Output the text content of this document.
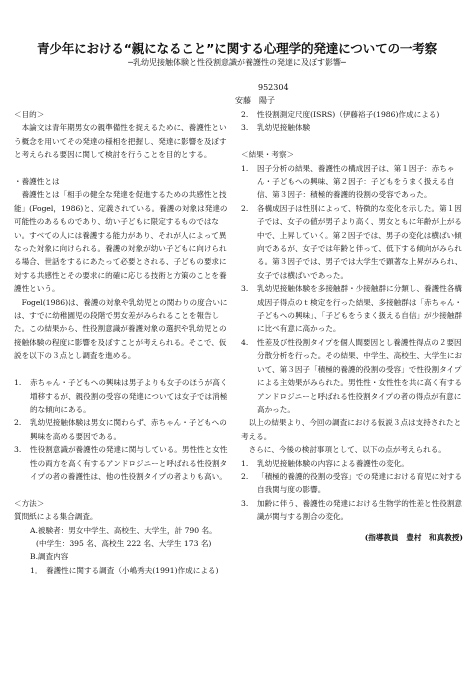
青少年における“親になること”に関する心理学的発達についての一考察
─乳幼児接触体験と性役割意識が養護性の発達に及ぼす影響─
952304
安藤　陽子

＜目的＞

本論文は青年期男女の親準備性を捉えるために、養護性という概念を用いてその発達の様相を把握し、発達に影響を及ぼすと考えられる要因に関して検討を行うことを目的とする。

・養護性とは

養護性とは「相手の健全な発達を促進するための共感性と技能」(Fogel，1986)と、定義されている。養護の対象は発達の可能性のあるものであり、幼い子どもに限定するものではない。すべての人には養護する能力があり、それが人によって異なった対象に向けられる。養護の対象が幼い子どもに向けられる場合、世話をするにあたって必要とされる、子どもの要求に対する共感性とその要求に的確に応じる技術と方策のことを養護性という。

Fogel(1986)は、養護の対象や乳幼児との関わりの度合いには、すでに幼稚園児の段階で男女差がみられることを報告した。この結果から、性役割意識が養護対象の選択や乳幼児との接触体験の程度に影響を及ぼすことが考えられる。そこで、仮説を以下の３点とし調査を進める。

1.	赤ちゃん・子どもへの興味は男子よりも女子のほうが高く増移するが、親役割の受容の発達については女子では消極的な傾向にある。
2.	乳幼児接触体験は男女に関わらず、赤ちゃん・子どもへの興味を高める要因である。
3.	性役割意識が養護性の発達に関与している。男性性と女性性の両方を高く有するアンドロジニーと呼ばれる性役割タイプの者の養護性は、他の性役割タイプの者よりも高い。

＜方法＞

質問紙による集合調査。

A.被験者：男女中学生、高校生、大学生，計 790 名。

(中学生：395 名、高校生 222 名、大学生 173 名)

B.調査内容

1． 養護性に関する調査（小嶋秀夫(1991)作成による)
2.	性役割測定尺度(ISRS)（伊藤裕子(1986)作成による)
3.	乳幼児接触体験

＜結果・考察＞

1.	因子分析の結果、養護性の構成因子は、第１因子：赤ちゃん・子どもへの興味、第２因子：子どもをうまく扱える自信、第３因子：積極的養護的役割の受容であった。
2.	各構成因子は性別によって、特徴的な変化を示した。第１因子では、女子の値が男子より高く、男女ともに年齢が上がる中で、上昇していく。第２因子では、男子の変化は横ばい傾向であるが、女子では年齢と伴って、低下する傾向がみられる。第３因子では、男子では大学生で顕著な上昇がみられ、女子では横ばいであった。
3.	乳幼児接触体験を多接触群・少接触群に分類し、養護性各構成因子得点のｔ検定を行った結果、多接触群は「赤ちゃん・子どもへの興味」、「子どもをうまく扱える自信」が少接触群に比べ有意に高かった。
4.	性差及び性役割タイプを個人間要因とし養護性得点の２要因分散分析を行った。その結果、中学生、高校生、大学生において、第３因子「積極的養護的役割の受容」で性役割タイプによる主効果がみられた。男性性・女性性を共に高く有するアンドロジニーと呼ばれる性役割タイプの者の得点が有意に高かった。

以上の結果より、今回の調査における仮説３点は支持されたと考える。

さらに、今後の検討事項として、以下の点が考えられる。

1.	乳幼児接触体験の内容による養護性の変化。
2.	「積極的養護的役割の受容」での発達における育児に対する自我関与度の影響。
3.	加齢に伴う、養護性の発達における生物学的性差と性役割意識が関与する割合の変化。
(指導教員　豊村　和真教授)
